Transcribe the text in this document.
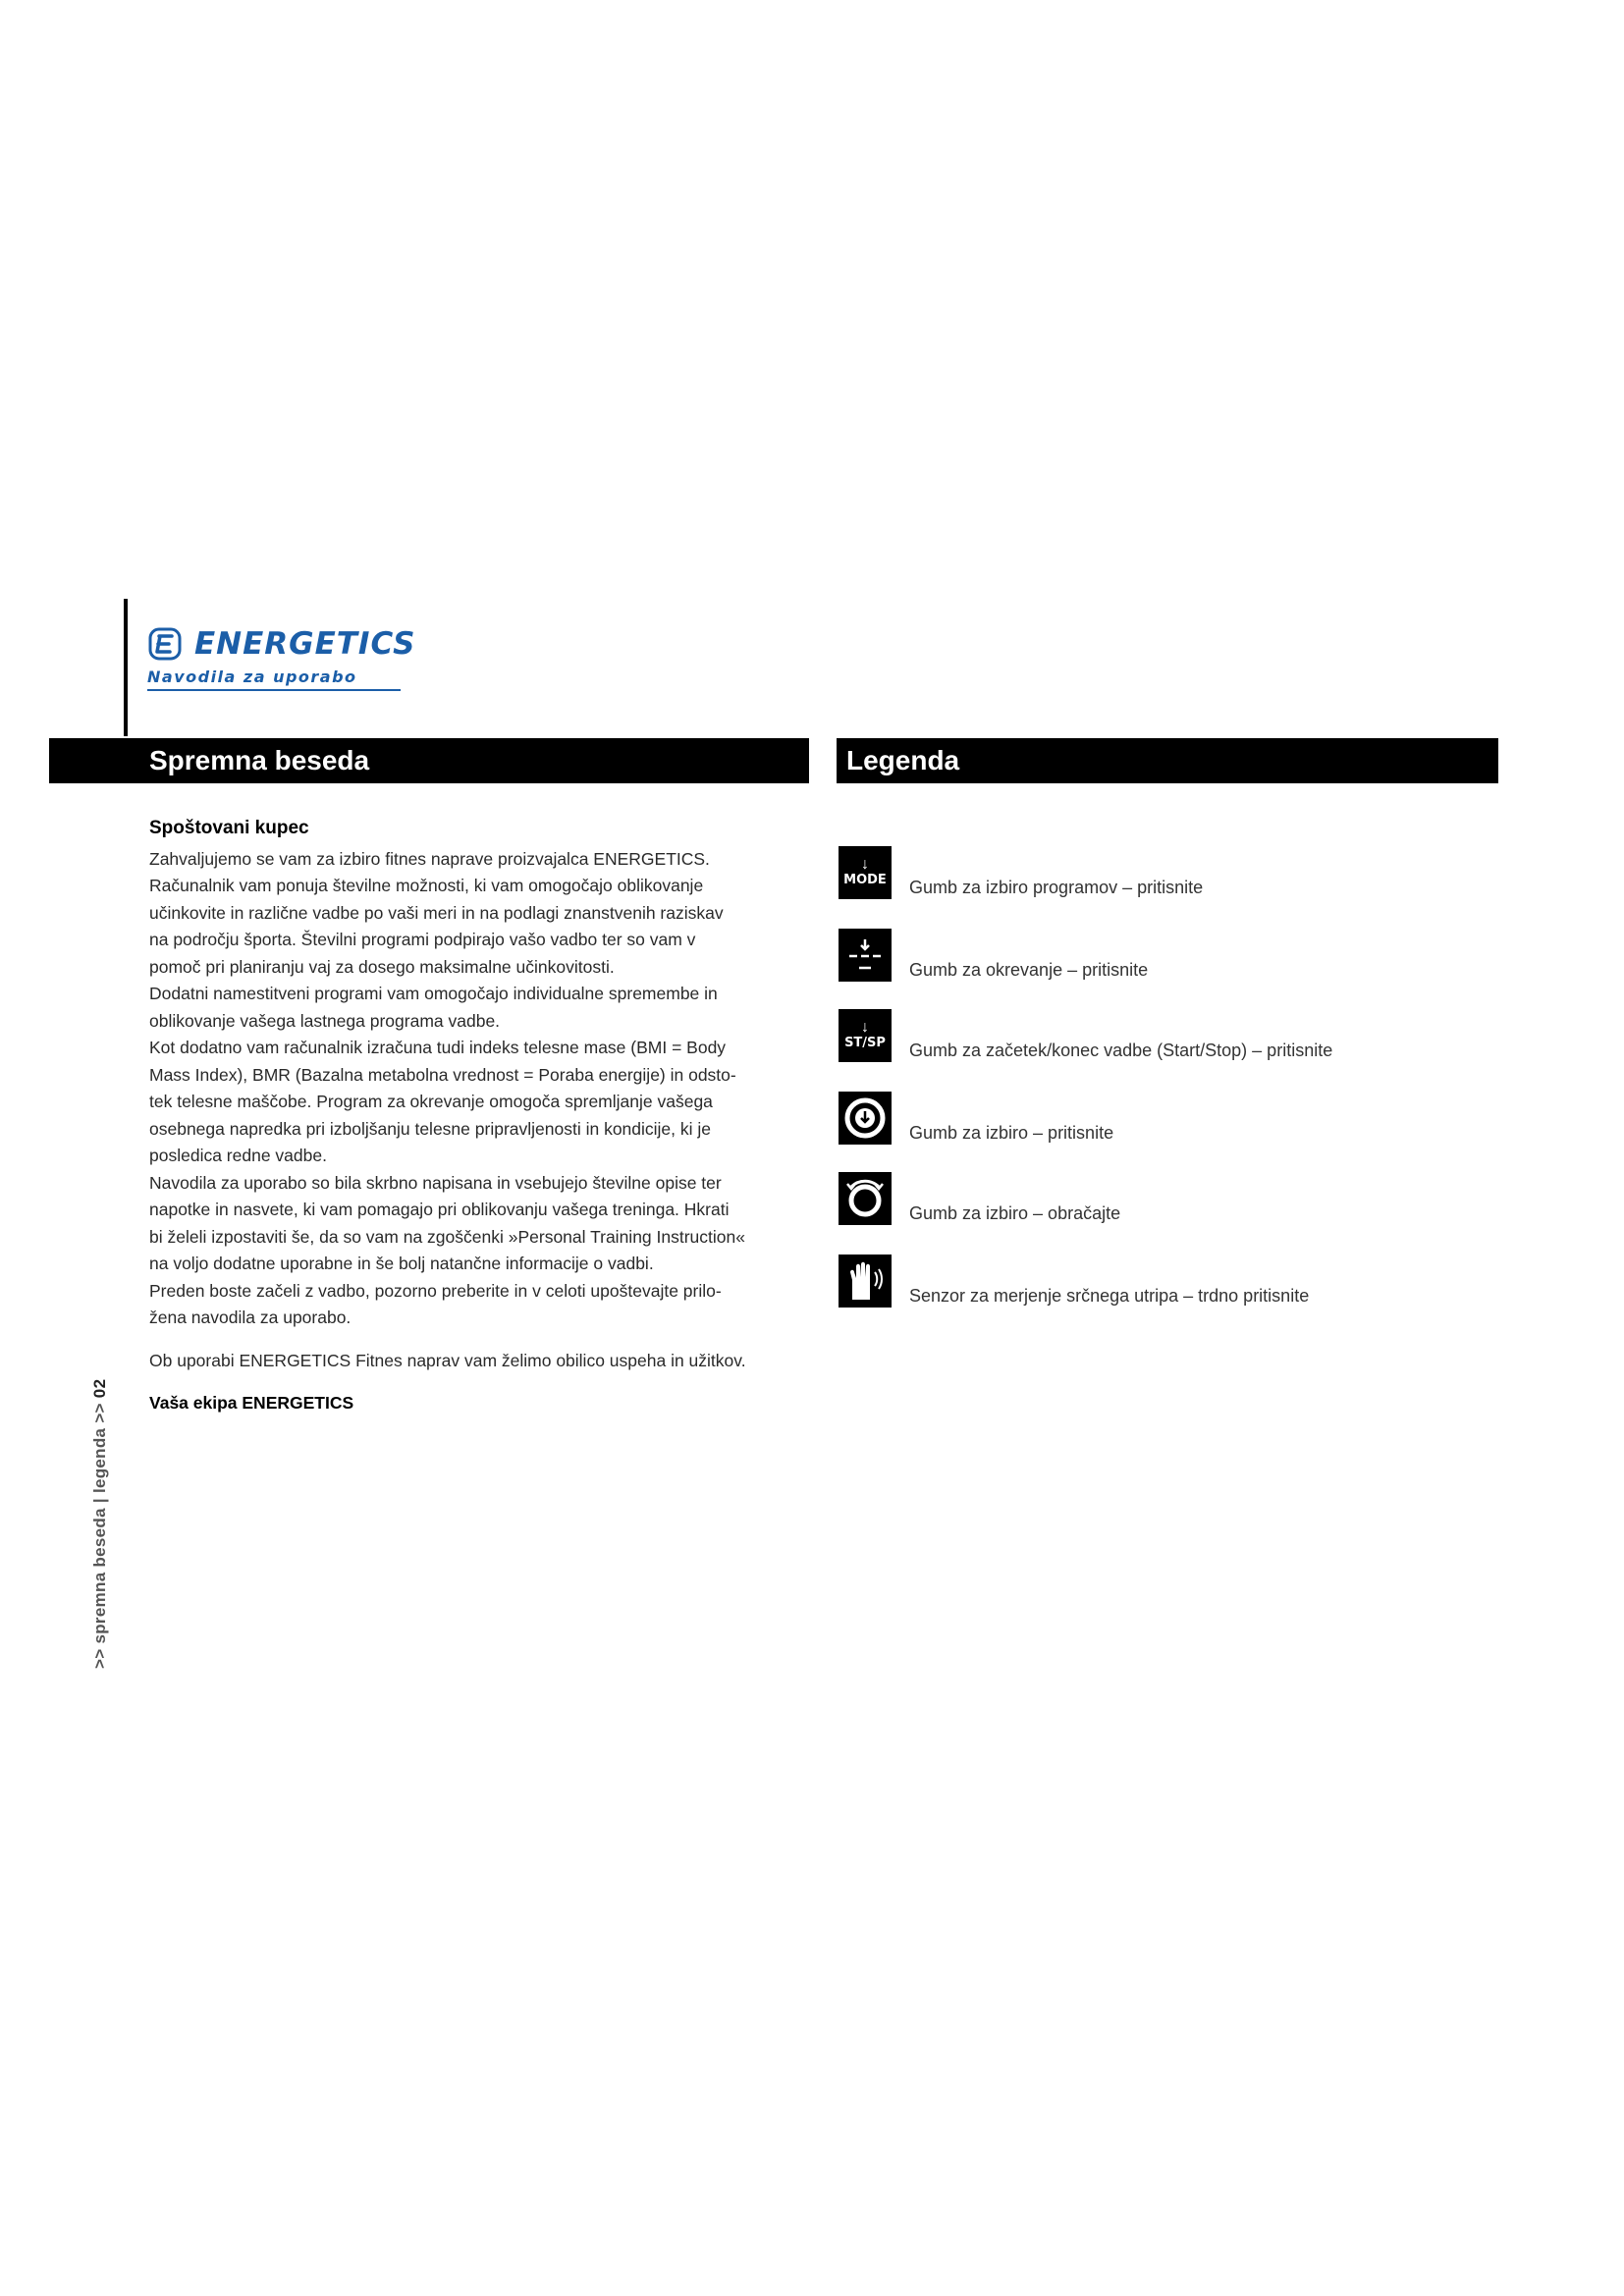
ENERGETICS
Navodila za uporabo
Spremna beseda	Legenda

Spoštovani kupec

Zahvaljujemo se vam za izbiro fitnes naprave proizvajalca ENERGETICS.

Računalnik vam ponuja številne možnosti, ki vam omogočajo oblikovanje

učinkovite in različne vadbe po vaši meri in na podlagi znanstvenih raziskav

na področju športa. Številni programi podpirajo vašo vadbo ter so vam v

pomoč pri planiranju vaj za dosego maksimalne učinkovitosti.

Dodatni namestitveni programi vam omogočajo individualne spremembe in

oblikovanje vašega lastnega programa vadbe.

Kot dodatno vam računalnik izračuna tudi indeks telesne mase (BMI = Body

Mass Index), BMR (Bazalna metabolna vrednost = Poraba energije) in odsto-

tek telesne maščobe. Program za okrevanje omogoča spremljanje vašega

osebnega napredka pri izboljšanju telesne pripravljenosti in kondicije, ki je

posledica redne vadbe.

Navodila za uporabo so bila skrbno napisana in vsebujejo številne opise ter

napotke in nasvete, ki vam pomagajo pri oblikovanju vašega treninga. Hkrati

bi želeli izpostaviti še, da so vam na zgoščenki »Personal Training Instruction«

na voljo dodatne uporabne in še bolj natančne informacije o vadbi.

Preden boste začeli z vadbo, pozorno preberite in v celoti upoštevajte prilo-

žena navodila za uporabo.

Ob uporabi ENERGETICS Fitnes naprav vam želimo obilico uspeha in užitkov.

Vaša ekipa ENERGETICS

↓
MODE Gumb za izbiro programov – pritisnite
Gumb za okrevanje – pritisnite
↓
ST/SP Gumb za začetek/konec vadbe (Start/Stop) – pritisnite
Gumb za izbiro – pritisnite
Gumb za izbiro – obračajte
Senzor za merjenje srčnega utripa – trdno pritisnite
>> spremna beseda | legenda >> 02
